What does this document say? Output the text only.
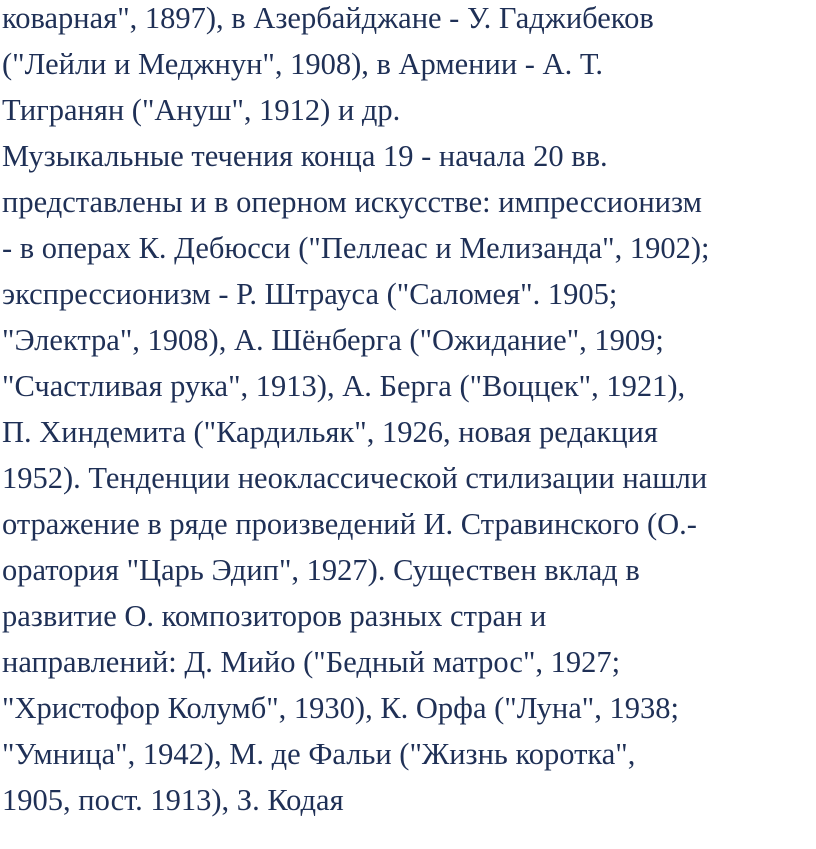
коварная", 1897), в Азербайджане - У. Гаджибеков
("Лейли и Меджнун", 1908), в Армении - А. Т.
Тигранян ("Ануш", 1912) и др.
Музыкальные течения конца 19 - начала 20 вв.
представлены и в оперном искусстве: импрессионизм
- в операх К. Дебюсси ("Пеллеас и Мелизанда", 1902);
экспрессионизм - Р. Штрауса ("Саломея". 1905;
"Электра", 1908), А. Шёнберга ("Ожидание", 1909;
"Счастливая рука", 1913), А. Берга ("Воццек", 1921),
П. Хиндемита ("Кардильяк", 1926, новая редакция
1952). Тенденции неоклассической стилизации нашли
отражение в ряде произведений И. Стравинского (О.-
оратория "Царь Эдип", 1927). Существен вклад в
развитие О. композиторов разных стран и
направлений: Д. Мийо ("Бедный матрос", 1927;
"Христофор Колумб", 1930), К. Орфа ("Луна", 1938;
"Умница", 1942), М. де Фальи ("Жизнь коротка",
1905, пост. 1913), З. Кодая
